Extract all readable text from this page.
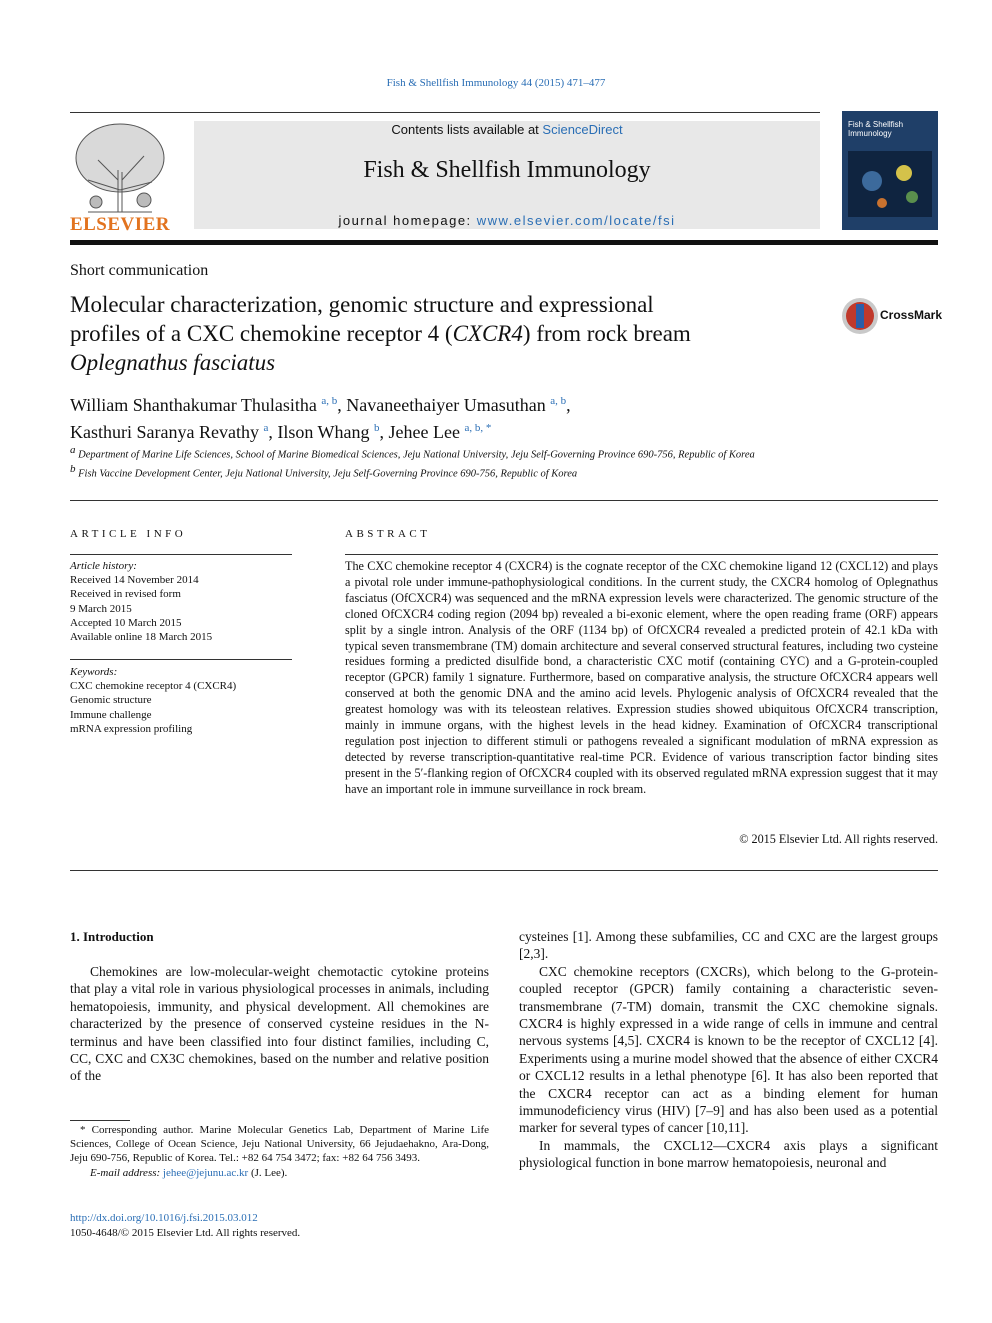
Fish & Shellfish Immunology 44 (2015) 471–477
ELSEVIER
Contents lists available at ScienceDirect
Fish & Shellfish Immunology
journal homepage: www.elsevier.com/locate/fsi
Fish & Shellfish Immunology
Short communication
Molecular characterization, genomic structure and expressional
profiles of a CXC chemokine receptor 4 (CXCR4) from rock bream
Oplegnathus fasciatus
CrossMark
William Shanthakumar Thulasitha $^{a, b}$, Navaneethaiyer Umasuthan $^{a, b}$,
Kasthuri Saranya Revathy $^a$, Ilson Whang $^b$, Jehee Lee $^{a, b, *}$
$^a$ Department of Marine Life Sciences, School of Marine Biomedical Sciences, Jeju National University, Jeju Self-Governing Province 690-756, Republic of Korea
$^b$ Fish Vaccine Development Center, Jeju National University, Jeju Self-Governing Province 690-756, Republic of Korea
ARTICLE INFO
Article history:
Received 14 November 2014
Received in revised form
9 March 2015
Accepted 10 March 2015
Available online 18 March 2015
Keywords:
CXC chemokine receptor 4 (CXCR4)
Genomic structure
Immune challenge
mRNA expression profiling
ABSTRACT
The CXC chemokine receptor 4 (CXCR4) is the cognate receptor of the CXC chemokine ligand 12 (CXCL12) and plays a pivotal role under immune-pathophysiological conditions. In the current study, the CXCR4 homolog of Oplegnathus fasciatus (OfCXCR4) was sequenced and the mRNA expression levels were characterized. The genomic structure of the cloned OfCXCR4 coding region (2094 bp) revealed a bi-exonic element, where the open reading frame (ORF) appears split by a single intron. Analysis of the ORF (1134 bp) of OfCXCR4 revealed a predicted protein of 42.1 kDa with typical seven transmembrane (TM) domain architecture and several conserved structural features, including two cysteine residues forming a predicted disulfide bond, a characteristic CXC motif (containing CYC) and a G-protein-coupled receptor (GPCR) family 1 signature. Furthermore, based on comparative analysis, the structure OfCXCR4 appears well conserved at both the genomic DNA and the amino acid levels. Phylogenic analysis of OfCXCR4 revealed that the greatest homology was with its teleostean relatives. Expression studies showed ubiquitous OfCXCR4 transcription, mainly in immune organs, with the highest levels in the head kidney. Examination of OfCXCR4 transcriptional regulation post injection to different stimuli or pathogens revealed a significant modulation of mRNA expression as detected by reverse transcription-quantitative real-time PCR. Evidence of various transcription factor binding sites present in the 5′-flanking region of OfCXCR4 coupled with its observed regulated mRNA expression suggest that it may have an important role in immune surveillance in rock bream.
© 2015 Elsevier Ltd. All rights reserved.
1. Introduction

Chemokines are low-molecular-weight chemotactic cytokine proteins that play a vital role in various physiological processes in animals, including hematopoiesis, immunity, and physical development. All chemokines are characterized by the presence of conserved cysteine residues in the N-terminus and have been classified into four distinct families, including C, CC, CXC and CX3C chemokines, based on the number and relative position of the

cysteines [1]. Among these subfamilies, CC and CXC are the largest groups [2,3].

CXC chemokine receptors (CXCRs), which belong to the G-protein-coupled receptor (GPCR) family containing a characteristic seven-transmembrane (7-TM) domain, transmit the CXC chemokine signals. CXCR4 is highly expressed in a wide range of cells in immune and central nervous systems [4,5]. CXCR4 is known to be the receptor of CXCL12 [4]. Experiments using a murine model showed that the absence of either CXCR4 or CXCL12 results in a lethal phenotype [6]. It has also been reported that the CXCR4 receptor can act as a binding element for human immunodeficiency virus (HIV) [7–9] and has also been used as a potential marker for several types of cancer [10,11].

In mammals, the CXCL12—CXCR4 axis plays a significant physiological function in bone marrow hematopoiesis, neuronal and

* Corresponding author. Marine Molecular Genetics Lab, Department of Marine Life Sciences, College of Ocean Science, Jeju National University, 66 Jejudaehakno, Ara-Dong, Jeju 690-756, Republic of Korea. Tel.: +82 64 754 3472; fax: +82 64 756 3493.
E-mail address: jehee@jejunu.ac.kr (J. Lee).
http://dx.doi.org/10.1016/j.fsi.2015.03.012
1050-4648/© 2015 Elsevier Ltd. All rights reserved.
